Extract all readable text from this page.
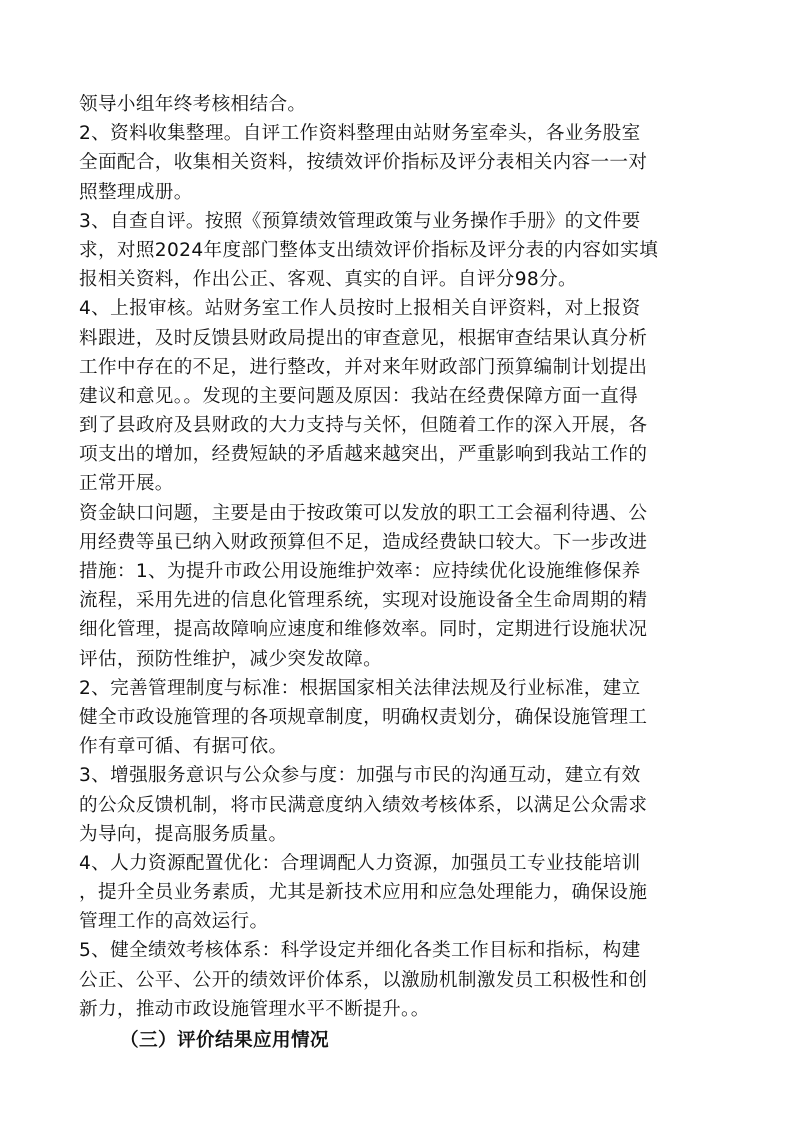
领导小组年终考核相结合。
2、资料收集整理。自评工作资料整理由站财务室牵头，各业务股室
全面配合，收集相关资料，按绩效评价指标及评分表相关内容一一对
照整理成册。
3、自查自评。按照《预算绩效管理政策与业务操作手册》的文件要
求，对照2024年度部门整体支出绩效评价指标及评分表的内容如实填
报相关资料，作出公正、客观、真实的自评。自评分98分。
4、上报审核。站财务室工作人员按时上报相关自评资料，对上报资
料跟进，及时反馈县财政局提出的审查意见，根据审查结果认真分析
工作中存在的不足，进行整改，并对来年财政部门预算编制计划提出
建议和意见。。发现的主要问题及原因：我站在经费保障方面一直得
到了县政府及县财政的大力支持与关怀，但随着工作的深入开展，各
项支出的增加，经费短缺的矛盾越来越突出，严重影响到我站工作的
正常开展。
资金缺口问题，主要是由于按政策可以发放的职工工会福利待遇、公
用经费等虽已纳入财政预算但不足，造成经费缺口较大。下一步改进
措施：1、为提升市政公用设施维护效率：应持续优化设施维修保养
流程，采用先进的信息化管理系统，实现对设施设备全生命周期的精
细化管理，提高故障响应速度和维修效率。同时，定期进行设施状况
评估，预防性维护，减少突发故障。
2、完善管理制度与标准：根据国家相关法律法规及行业标准，建立
健全市政设施管理的各项规章制度，明确权责划分，确保设施管理工
作有章可循、有据可依。
3、增强服务意识与公众参与度：加强与市民的沟通互动，建立有效
的公众反馈机制，将市民满意度纳入绩效考核体系，以满足公众需求
为导向，提高服务质量。
4、人力资源配置优化：合理调配人力资源，加强员工专业技能培训
，提升全员业务素质，尤其是新技术应用和应急处理能力，确保设施
管理工作的高效运行。
5、健全绩效考核体系：科学设定并细化各类工作目标和指标，构建
公正、公平、公开的绩效评价体系，以激励机制激发员工积极性和创
新力，推动市政设施管理水平不断提升。。
（三）评价结果应用情况
